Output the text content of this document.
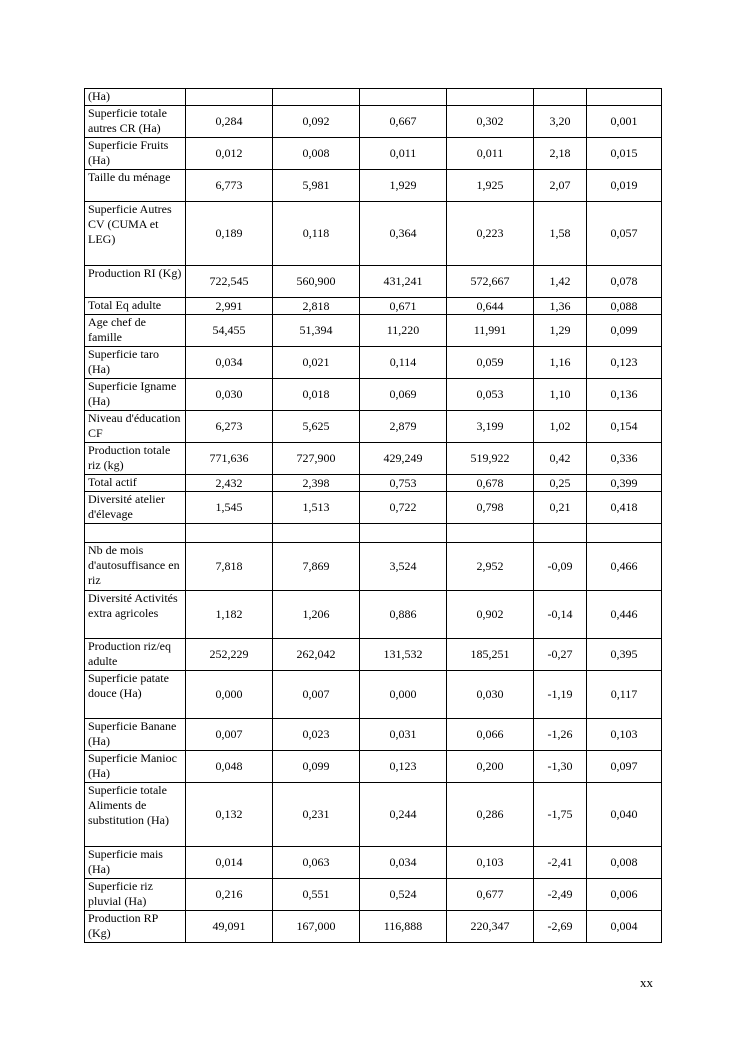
(Ha)						
Superficie totale autres CR (Ha)	0,284	0,092	0,667	0,302	3,20	0,001
Superficie Fruits (Ha)	0,012	0,008	0,011	0,011	2,18	0,015
Taille du ménage	6,773	5,981	1,929	1,925	2,07	0,019
Superficie Autres CV (CUMA et LEG)	0,189	0,118	0,364	0,223	1,58	0,057
Production RI (Kg)	722,545	560,900	431,241	572,667	1,42	0,078
Total Eq adulte	2,991	2,818	0,671	0,644	1,36	0,088
Age chef de famille	54,455	51,394	11,220	11,991	1,29	0,099
Superficie taro (Ha)	0,034	0,021	0,114	0,059	1,16	0,123
Superficie Igname (Ha)	0,030	0,018	0,069	0,053	1,10	0,136
Niveau d'éducation CF	6,273	5,625	2,879	3,199	1,02	0,154
Production totale riz (kg)	771,636	727,900	429,249	519,922	0,42	0,336
Total actif	2,432	2,398	0,753	0,678	0,25	0,399
Diversité atelier d'élevage	1,545	1,513	0,722	0,798	0,21	0,418

Nb de mois d'autosuffisance en riz	7,818	7,869	3,524	2,952	-0,09	0,466
Diversité Activités extra agricoles	1,182	1,206	0,886	0,902	-0,14	0,446
Production riz/eq adulte	252,229	262,042	131,532	185,251	-0,27	0,395
Superficie patate douce (Ha)	0,000	0,007	0,000	0,030	-1,19	0,117
Superficie Banane (Ha)	0,007	0,023	0,031	0,066	-1,26	0,103
Superficie Manioc (Ha)	0,048	0,099	0,123	0,200	-1,30	0,097
Superficie totale Aliments de substitution (Ha)	0,132	0,231	0,244	0,286	-1,75	0,040
Superficie mais (Ha)	0,014	0,063	0,034	0,103	-2,41	0,008
Superficie riz pluvial (Ha)	0,216	0,551	0,524	0,677	-2,49	0,006
Production RP (Kg)	49,091	167,000	116,888	220,347	-2,69	0,004
xx
